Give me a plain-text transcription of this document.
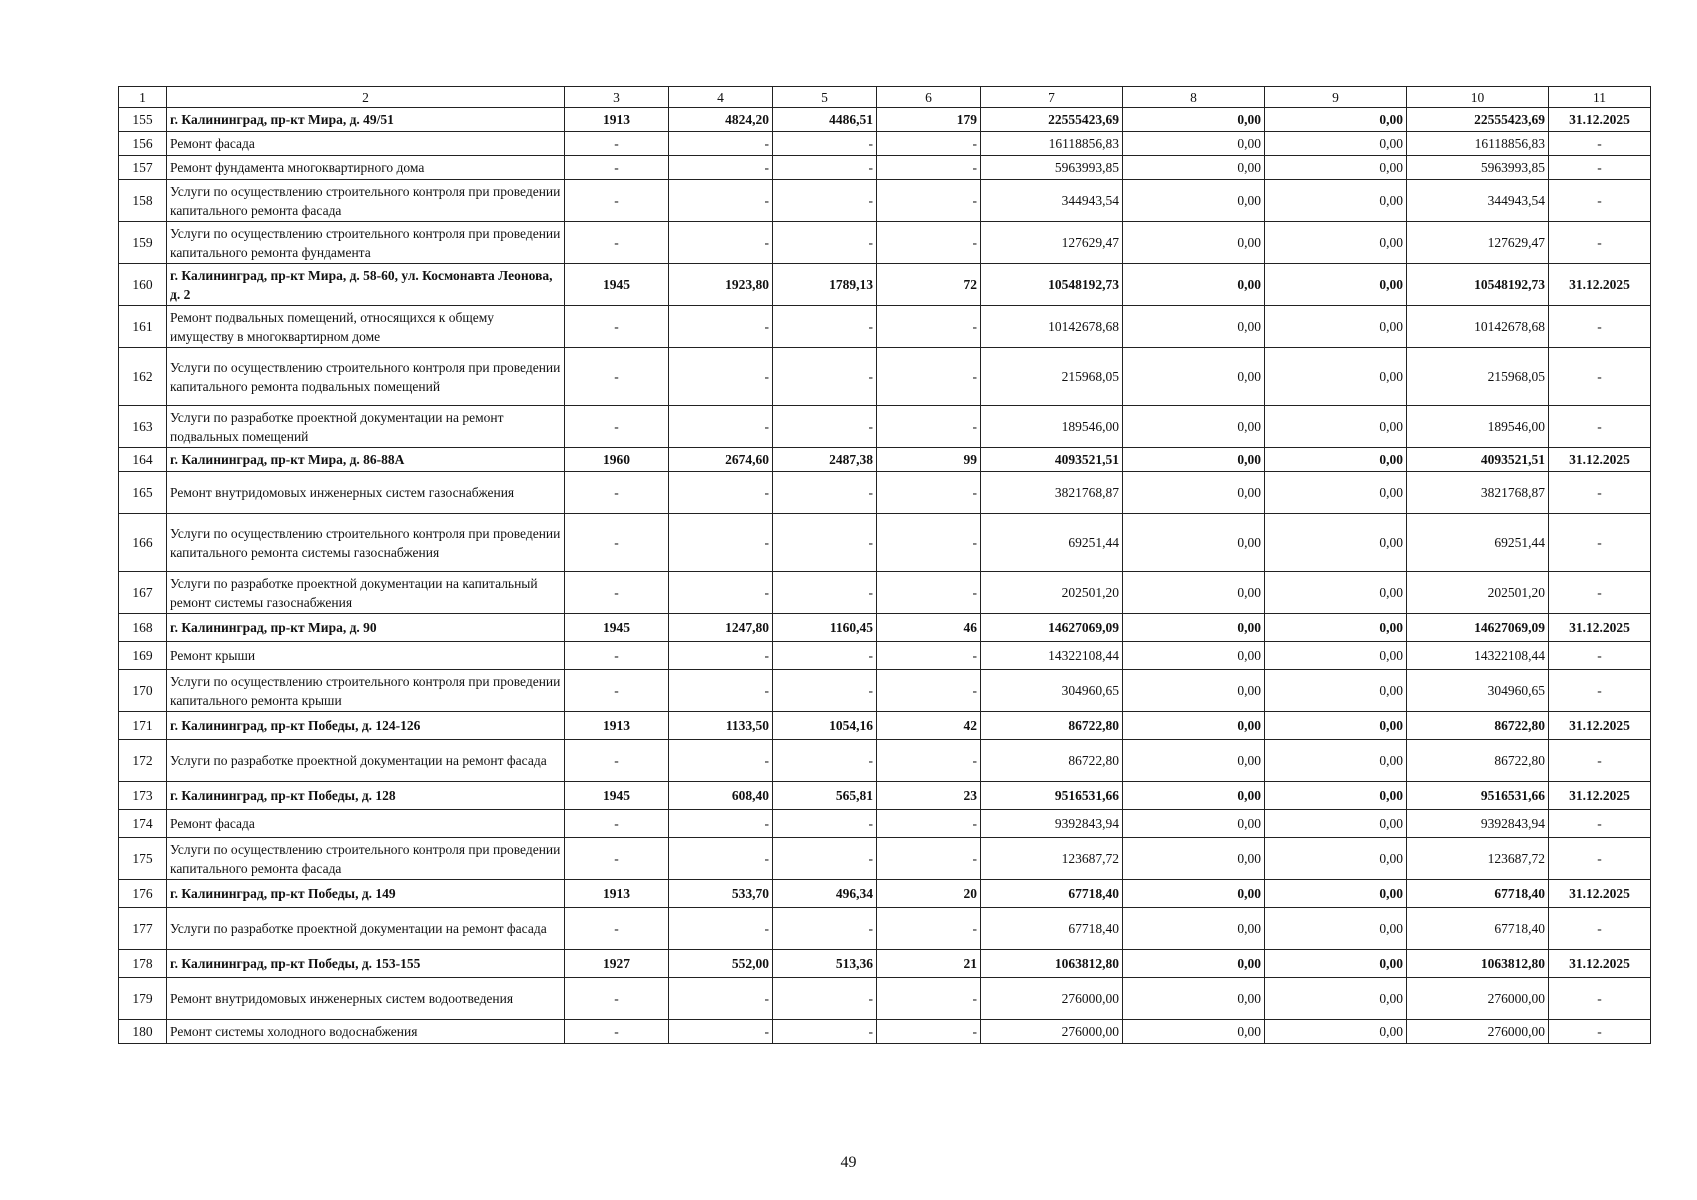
1	2	3	4	5	6	7	8	9	10	11
155	г. Калининград, пр-кт Мира, д. 49/51	1913	4824,20	4486,51	179	22555423,69	0,00	0,00	22555423,69	31.12.2025
156	Ремонт фасада	-	-	-	-	16118856,83	0,00	0,00	16118856,83	-
157	Ремонт фундамента многоквартирного дома	-	-	-	-	5963993,85	0,00	0,00	5963993,85	-
158	Услуги по осуществлению строительного контроля при проведении капитального ремонта фасада	-	-	-	-	344943,54	0,00	0,00	344943,54	-
159	Услуги по осуществлению строительного контроля при проведении капитального ремонта фундамента	-	-	-	-	127629,47	0,00	0,00	127629,47	-
160	г. Калининград, пр-кт Мира, д. 58-60, ул. Космонавта Леонова, д. 2	1945	1923,80	1789,13	72	10548192,73	0,00	0,00	10548192,73	31.12.2025
161	Ремонт подвальных помещений, относящихся к общему имуществу в многоквартирном доме	-	-	-	-	10142678,68	0,00	0,00	10142678,68	-
162	Услуги по осуществлению строительного контроля при проведении капитального ремонта подвальных помещений	-	-	-	-	215968,05	0,00	0,00	215968,05	-
163	Услуги по разработке проектной документации на ремонт подвальных помещений	-	-	-	-	189546,00	0,00	0,00	189546,00	-
164	г. Калининград, пр-кт Мира, д. 86-88А	1960	2674,60	2487,38	99	4093521,51	0,00	0,00	4093521,51	31.12.2025
165	Ремонт внутридомовых инженерных систем газоснабжения	-	-	-	-	3821768,87	0,00	0,00	3821768,87	-
166	Услуги по осуществлению строительного контроля при проведении капитального ремонта системы газоснабжения	-	-	-	-	69251,44	0,00	0,00	69251,44	-
167	Услуги по разработке проектной документации на капитальный ремонт системы газоснабжения	-	-	-	-	202501,20	0,00	0,00	202501,20	-
168	г. Калининград, пр-кт Мира, д. 90	1945	1247,80	1160,45	46	14627069,09	0,00	0,00	14627069,09	31.12.2025
169	Ремонт крыши	-	-	-	-	14322108,44	0,00	0,00	14322108,44	-
170	Услуги по осуществлению строительного контроля при проведении капитального ремонта крыши	-	-	-	-	304960,65	0,00	0,00	304960,65	-
171	г. Калининград, пр-кт Победы, д. 124-126	1913	1133,50	1054,16	42	86722,80	0,00	0,00	86722,80	31.12.2025
172	Услуги по разработке проектной документации на ремонт фасада	-	-	-	-	86722,80	0,00	0,00	86722,80	-
173	г. Калининград, пр-кт Победы, д. 128	1945	608,40	565,81	23	9516531,66	0,00	0,00	9516531,66	31.12.2025
174	Ремонт фасада	-	-	-	-	9392843,94	0,00	0,00	9392843,94	-
175	Услуги по осуществлению строительного контроля при проведении капитального ремонта фасада	-	-	-	-	123687,72	0,00	0,00	123687,72	-
176	г. Калининград, пр-кт Победы, д. 149	1913	533,70	496,34	20	67718,40	0,00	0,00	67718,40	31.12.2025
177	Услуги по разработке проектной документации на ремонт фасада	-	-	-	-	67718,40	0,00	0,00	67718,40	-
178	г. Калининград, пр-кт Победы, д. 153-155	1927	552,00	513,36	21	1063812,80	0,00	0,00	1063812,80	31.12.2025
179	Ремонт внутридомовых инженерных систем водоотведения	-	-	-	-	276000,00	0,00	0,00	276000,00	-
180	Ремонт системы холодного водоснабжения	-	-	-	-	276000,00	0,00	0,00	276000,00	-
49
